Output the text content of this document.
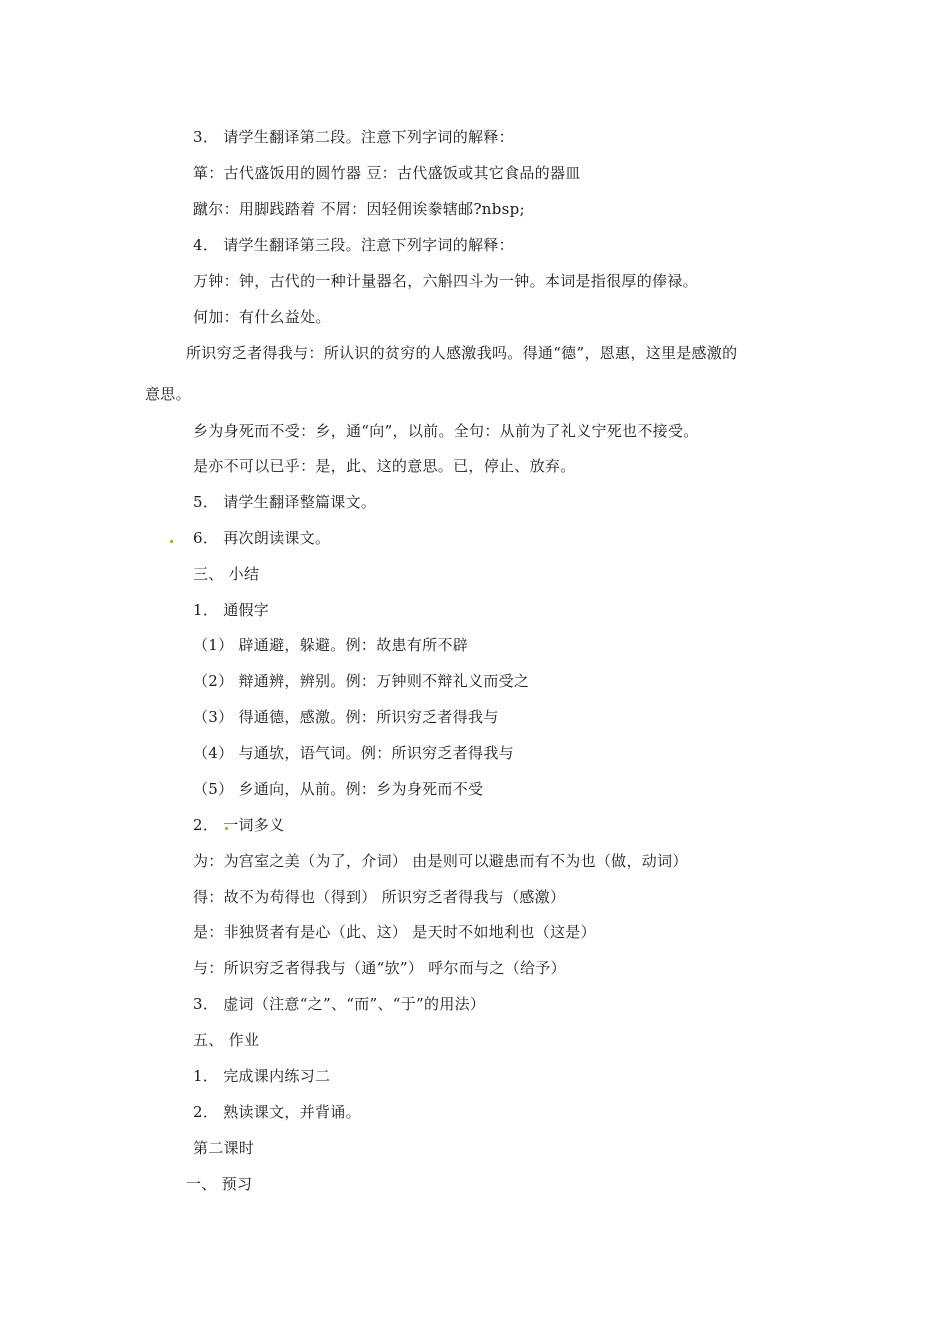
3． 请学生翻译第二段。注意下列字词的解释：
箪：古代盛饭用的圆竹器 豆：古代盛饭或其它食品的器皿
蹴尔：用脚践踏着 不屑：因轻佣诶豢辖邮?nbsp;
4． 请学生翻译第三段。注意下列字词的解释：
万钟：钟，古代的一种计量器名，六斛四斗为一钟。本词是指很厚的俸禄。
何加：有什幺益处。
所识穷乏者得我与：所认识的贫穷的人感激我吗。得通“德”，恩惠，这里是感激的
意思。
乡为身死而不受：乡，通“向”，以前。全句：从前为了礼义宁死也不接受。
是亦不可以已乎：是，此、这的意思。已，停止、放弃。
5． 请学生翻译整篇课文。
6． 再次朗读课文。
三、 小结
1． 通假字
（1） 辟通避，躲避。例：故患有所不辟
（2） 辩通辨，辨别。例：万钟则不辩礼义而受之
（3） 得通德，感激。例：所识穷乏者得我与
（4） 与通欤，语气词。例：所识穷乏者得我与
（5） 乡通向，从前。例：乡为身死而不受
2． 一词多义
为：为宫室之美（为了，介词） 由是则可以避患而有不为也（做，动词）
得：故不为苟得也（得到） 所识穷乏者得我与（感激）
是：非独贤者有是心（此、这） 是天时不如地利也（这是）
与：所识穷乏者得我与（通“欤”） 呼尔而与之（给予）
3． 虚词（注意“之”、“而”、“于”的用法）
五、 作业
1． 完成课内练习二
2． 熟读课文，并背诵。
第二课时
一、 预习
